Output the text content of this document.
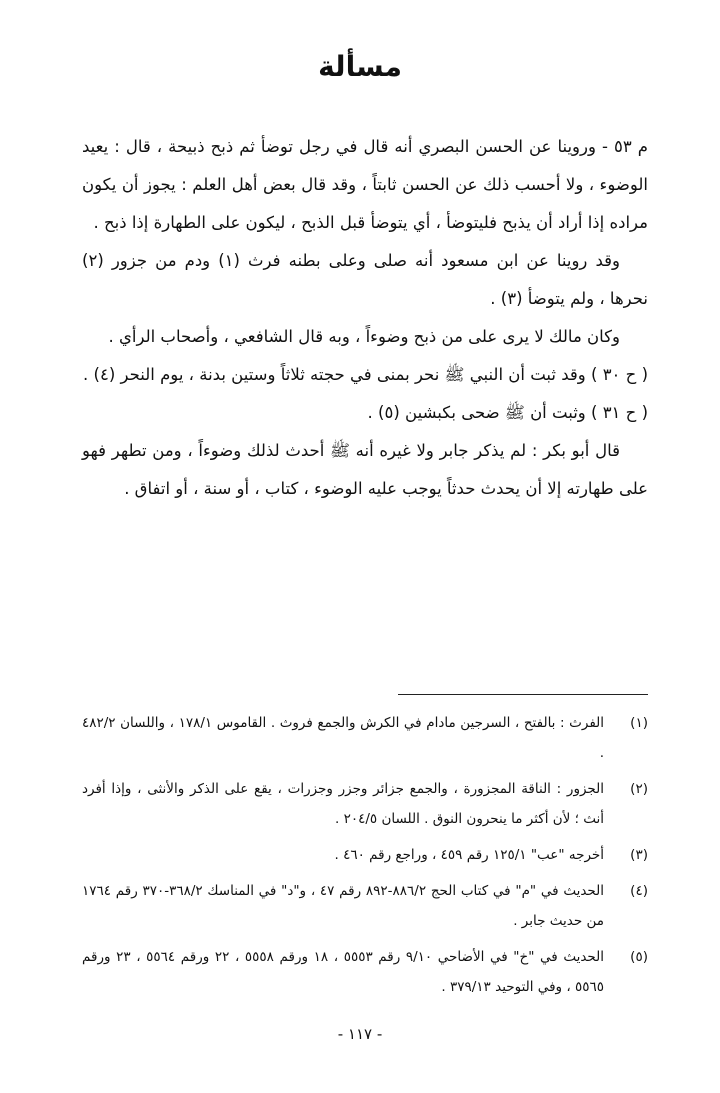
مسألة

م ٥٣ - وروينا عن الحسن البصري أنه قال في رجل توضأ ثم ذبح ذبيحة ، قال : يعيد الوضوء ، ولا أحسب ذلك عن الحسن ثابتاً ، وقد قال بعض أهل العلم : يجوز أن يكون مراده إذا أراد أن يذبح فليتوضأ ، أي يتوضأ قبل الذبح ، ليكون على الطهارة إذا ذبح .

وقد روينا عن ابن مسعود أنه صلى وعلى بطنه فرث (١) ودم من جزور (٢) نحرها ، ولم يتوضأ (٣) .

وكان مالك لا يرى على من ذبح وضوءاً ، وبه قال الشافعي ، وأصحاب الرأي .

( ح ٣٠ ) وقد ثبت أن النبي ﷺ نحر بمنى في حجته ثلاثاً وستين بدنة ، يوم النحر (٤) .

( ح ٣١ ) وثبت أن ﷺ ضحى بكبشين (٥) .

قال أبو بكر : لم يذكر جابر ولا غيره أنه ﷺ أحدث لذلك وضوءاً ، ومن تطهر فهو على طهارته إلا أن يحدث حدثاً يوجب عليه الوضوء ، كتاب ، أو سنة ، أو اتفاق .

(١)
الفرث : بالفتح ، السرجين مادام في الكرش والجمع فروث . القاموس ١٧٨/١ ، واللسان ٤٨٢/٢ .
(٢)
الجزور : الناقة المجزورة ، والجمع جزائر وجزر وجزرات ، يقع على الذكر والأنثى ، وإذا أفرد أنث ؛ لأن أكثر ما ينحرون النوق . اللسان ٢٠٤/٥ .
(٣)
أخرجه "عب" ١٢٥/١ رقم ٤٥٩ ، وراجع رقم ٤٦٠ .
(٤)
الحديث في "م" في كتاب الحج ٨٨٦/٢-٨٩٢ رقم ٤٧ ، و"د" في المناسك ٣٦٨/٢-٣٧٠ رقم ١٧٦٤ من حديث جابر .
(٥)
الحديث في "خ" في الأضاحي ٩/١٠ رقم ٥٥٥٣ ، ١٨ ورقم ٥٥٥٨ ، ٢٢ ورقم ٥٥٦٤ ، ٢٣ ورقم ٥٥٦٥ ، وفي التوحيد ٣٧٩/١٣ .
- ١١٧ -
